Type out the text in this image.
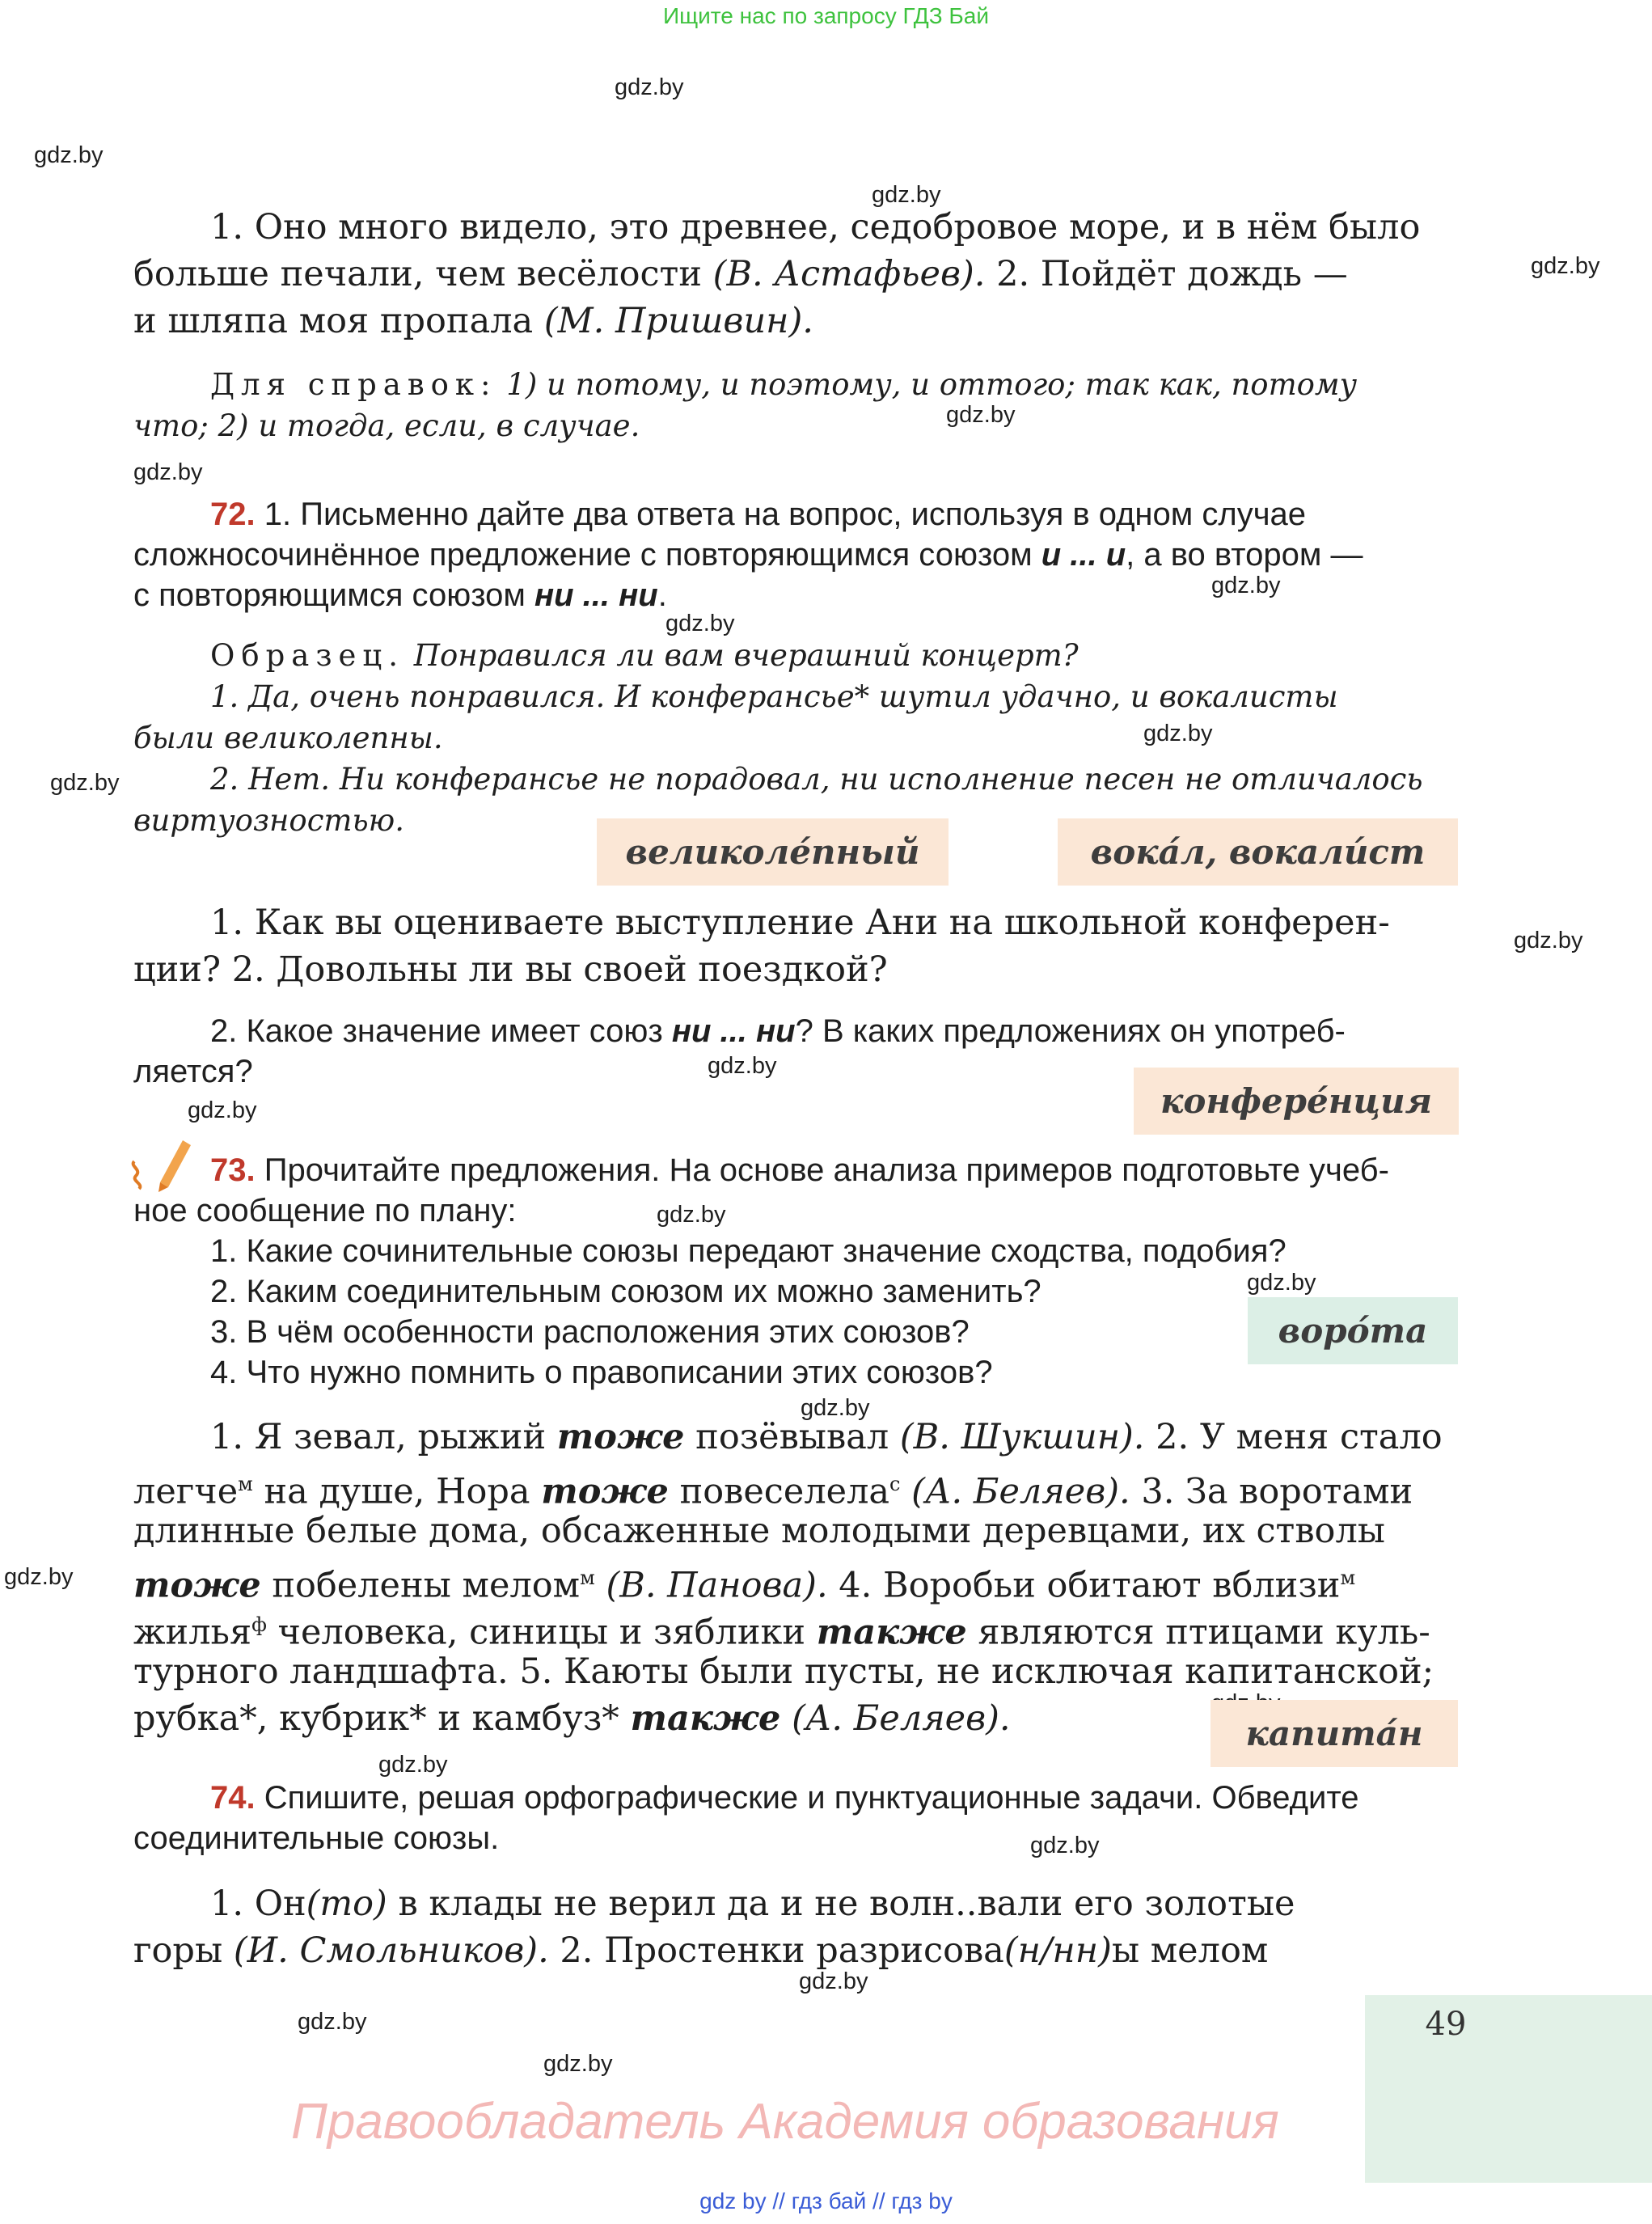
Ищите нас по запросу ГДЗ Бай
gdz.by
gdz.by
gdz.by
gdz.by
gdz.by
gdz.by
gdz.by
gdz.by
gdz.by
gdz.by
gdz.by
gdz.by
gdz.by
gdz.by
gdz.by
gdz.by
gdz.by
gdz.by
gdz.by
gdz.by
gdz.by
gdz.by
1. Оно много видело, это древнее, седобровое море, и в нём было
больше печали, чем весёлости (В. Астафьев). 2. Пойдёт дождь —
и шляпа моя пропала (М. Пришвин).
Для справок: 1) и потому, и поэтому, и оттого; так как, потому
что; 2) и тогда, если, в случае.
72. 1. Письменно дайте два ответа на вопрос, используя в одном случае
сложносочинённое предложение с повторяющимся союзом и ... и, а во втором —
с повторяющимся союзом ни ... ни.
Образец. Понравился ли вам вчерашний концерт?
1. Да, очень понравился. И конферансье* шутил удачно, и вокалисты
были великолепны.
2. Нет. Ни конферансье не порадовал, ни исполнение песен не отличалось
виртуозностью.
великоле́пный	вока́л, вокали́ст
1. Как вы оцениваете выступление Ани на школьной конферен-
ции? 2. Довольны ли вы своей поездкой?
2. Какое значение имеет союз ни ... ни? В каких предложениях он употреб-
ляется?
конфере́нция
73. Прочитайте предложения. На основе анализа примеров подготовьте учеб-
ное сообщение по плану:
1. Какие сочинительные союзы передают значение сходства, подобия?
2. Каким соединительным союзом их можно заменить?
3. В чём особенности расположения этих союзов?
4. Что нужно помнить о правописании этих союзов?
воро́та
1. Я зевал, рыжий тоже позёвывал (В. Шукшин). 2. У меня стало
легче$^м$ на душе, Нора тоже повеселела$^с$ (А. Беляев). 3. За воротами
длинные белые дома, обсаженные молодыми деревцами, их стволы
тоже побелены мелом$^м$ (В. Панова). 4. Воробьи обитают вблизи$^м$
жилья$^ф$ человека, синицы и зяблики также являются птицами куль-
турного ландшафта. 5. Каюты были пусты, не исключая капитанской;
рубка*, кубрик* и камбуз* также (А. Беляев).	капита́н
74. Спишите, решая орфографические и пунктуационные задачи. Обведите
соединительные союзы.
1. Он(то) в клады не верил да и не волн..вали его золотые
горы (И. Смольников). 2. Простенки разрисова(н/нн)ы мелом
49
Правообладатель Академия образования
gdz by // гдз бай // гдз by
